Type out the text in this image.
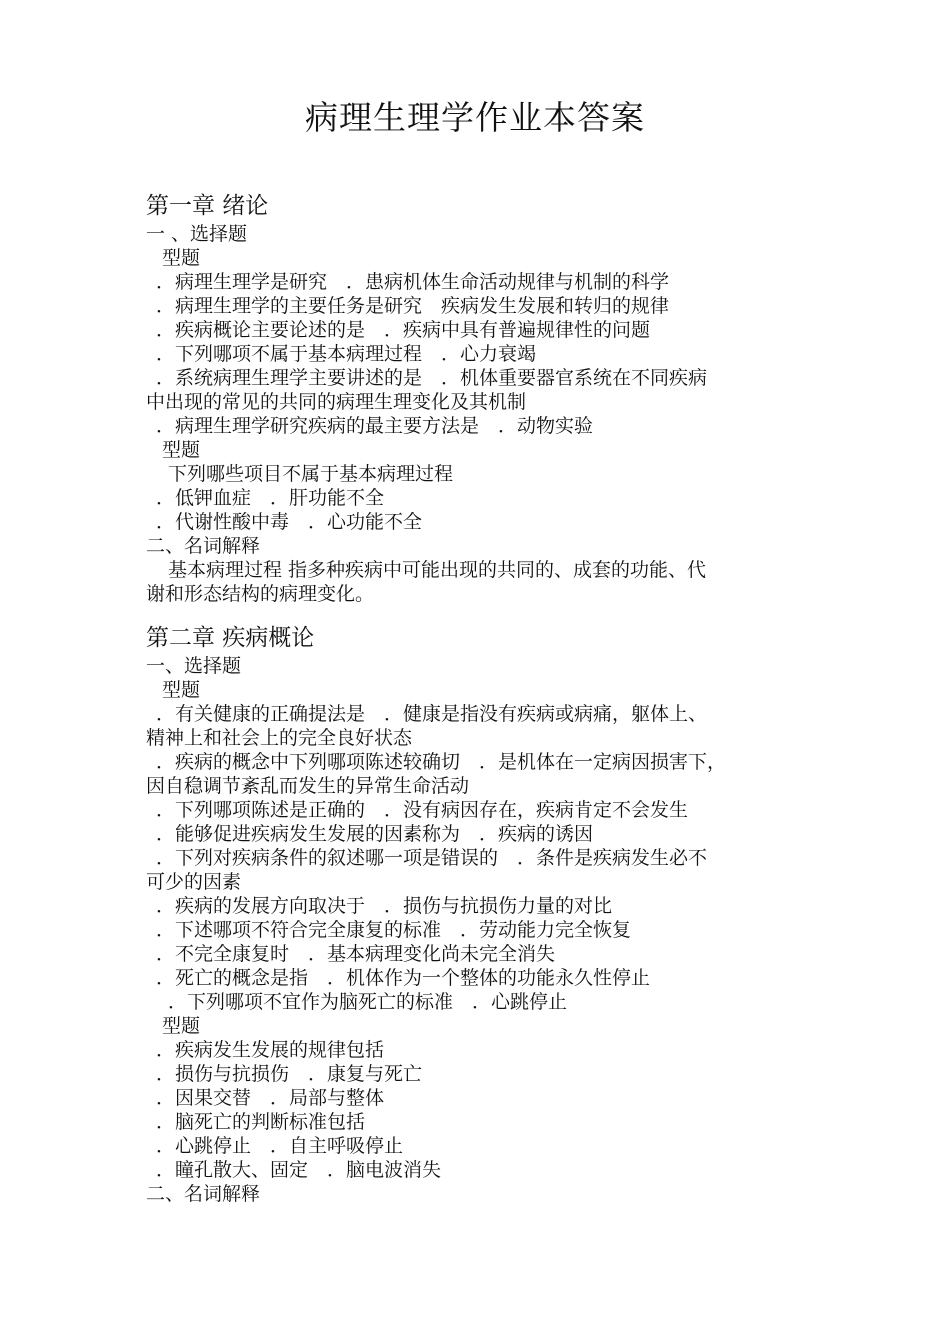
病理生理学作业本答案
第一章 绪论
一 、选择题
型题
．病理生理学是研究　．患病机体生命活动规律与机制的科学
．病理生理学的主要任务是研究　疾病发生发展和转归的规律
．疾病概论主要论述的是　．疾病中具有普遍规律性的问题
．下列哪项不属于基本病理过程　．心力衰竭
．系统病理生理学主要讲述的是　．机体重要器官系统在不同疾病
中出现的常见的共同的病理生理变化及其机制
．病理生理学研究疾病的最主要方法是　．动物实验
型题
下列哪些项目不属于基本病理过程
．低钾血症　．肝功能不全
．代谢性酸中毒　．心功能不全
二、名词解释
基本病理过程 指多种疾病中可能出现的共同的、成套的功能、代
谢和形态结构的病理变化。
第二章 疾病概论
一、选择题
型题
．有关健康的正确提法是　．健康是指没有疾病或病痛，躯体上、
精神上和社会上的完全良好状态
．疾病的概念中下列哪项陈述较确切　．是机体在一定病因损害下，
因自稳调节紊乱而发生的异常生命活动
．下列哪项陈述是正确的　．没有病因存在，疾病肯定不会发生
．能够促进疾病发生发展的因素称为　．疾病的诱因
．下列对疾病条件的叙述哪一项是错误的　．条件是疾病发生必不
可少的因素
．疾病的发展方向取决于　．损伤与抗损伤力量的对比
．下述哪项不符合完全康复的标准　．劳动能力完全恢复
．不完全康复时　．基本病理变化尚未完全消失
．死亡的概念是指　．机体作为一个整体的功能永久性停止
．下列哪项不宜作为脑死亡的标准　．心跳停止
型题
．疾病发生发展的规律包括
．损伤与抗损伤　．康复与死亡
．因果交替　．局部与整体
．脑死亡的判断标准包括
．心跳停止　．自主呼吸停止
．瞳孔散大、固定　．脑电波消失
二、名词解释
